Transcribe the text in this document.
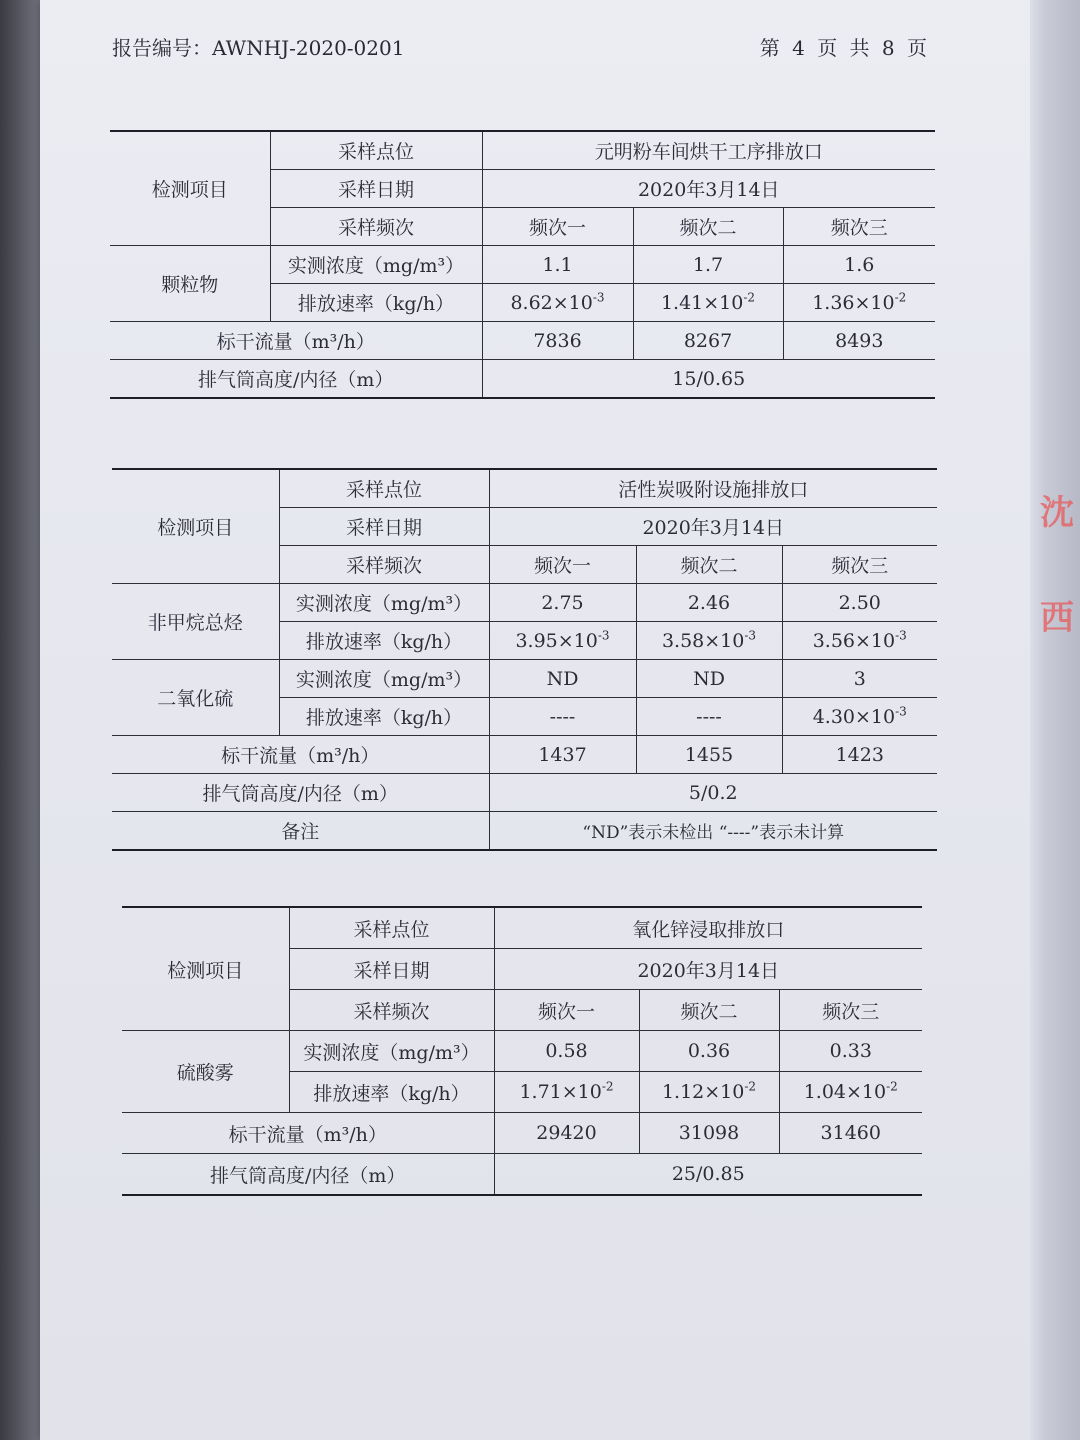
报告编号：AWNHJ-2020-0201	第 4 页 共 8 页
检测项目	采样点位	元明粉车间烘干工序排放口		
	采样日期	2020年3月14日		
	采样频次	频次一	频次二	频次三
颗粒物	实测浓度（mg/m³）	1.1	1.7	1.6
	排放速率（kg/h）	$8.62\times 10^{-3}$	$1.41\times 10^{-2}$	$1.36\times 10^{-2}$
标干流量（m³/h）		7836	8267	8493
排气筒高度/内径（m）		15/0.65		
检测项目	采样点位	活性炭吸附设施排放口		
	采样日期	2020年3月14日		
	采样频次	频次一	频次二	频次三
非甲烷总烃	实测浓度（mg/m³）	2.75	2.46	2.50
	排放速率（kg/h）	$3.95\times 10^{-3}$	$3.58\times 10^{-3}$	$3.56\times 10^{-3}$
二氧化硫	实测浓度（mg/m³）	ND	ND	3
	排放速率（kg/h）	----	----	$4.30\times 10^{-3}$
标干流量（m³/h）		1437	1455	1423
排气筒高度/内径（m）		5/0.2		
备注		“ND”表示未检出 “----”表示未计算		
检测项目	采样点位	氧化锌浸取排放口		
	采样日期	2020年3月14日		
	采样频次	频次一	频次二	频次三
硫酸雾	实测浓度（mg/m³）	0.58	0.36	0.33
	排放速率（kg/h）	$1.71\times 10^{-2}$	$1.12\times 10^{-2}$	$1.04\times 10^{-2}$
标干流量（m³/h）		29420	31098	31460
排气筒高度/内径（m）		25/0.85		
沈
西
